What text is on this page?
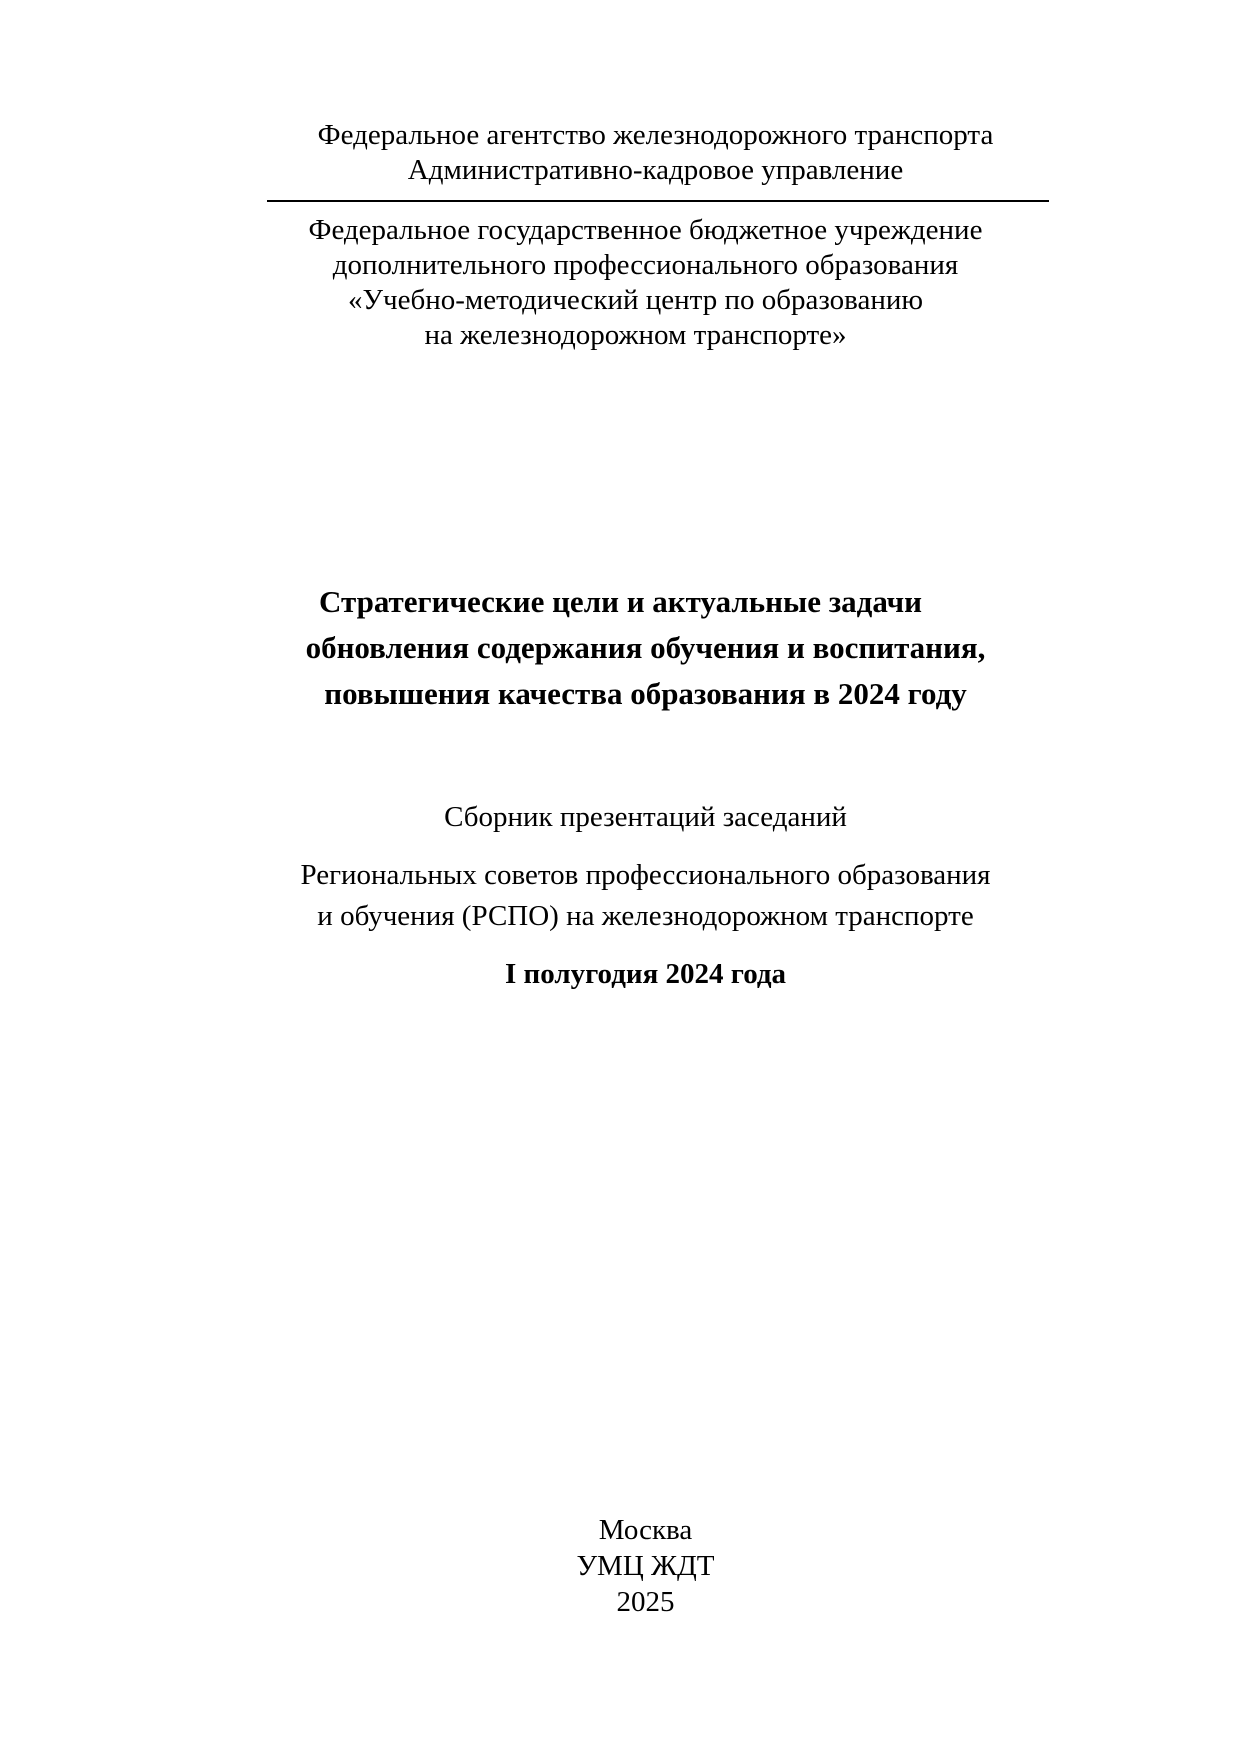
Федеральное агентство железнодорожного транспорта
Административно-кадровое управление
Федеральное государственное бюджетное учреждение
дополнительного профессионального образования
«Учебно-методический центр по образованию
на железнодорожном транспорте»
Стратегические цели и актуальные задачи
обновления содержания обучения и воспитания,
повышения качества образования в 2024 году
Сборник презентаций заседаний
Региональных советов профессионального образования
и обучения (РСПО) на железнодорожном транспорте
I полугодия 2024 года
Москва
УМЦ ЖДТ
2025
